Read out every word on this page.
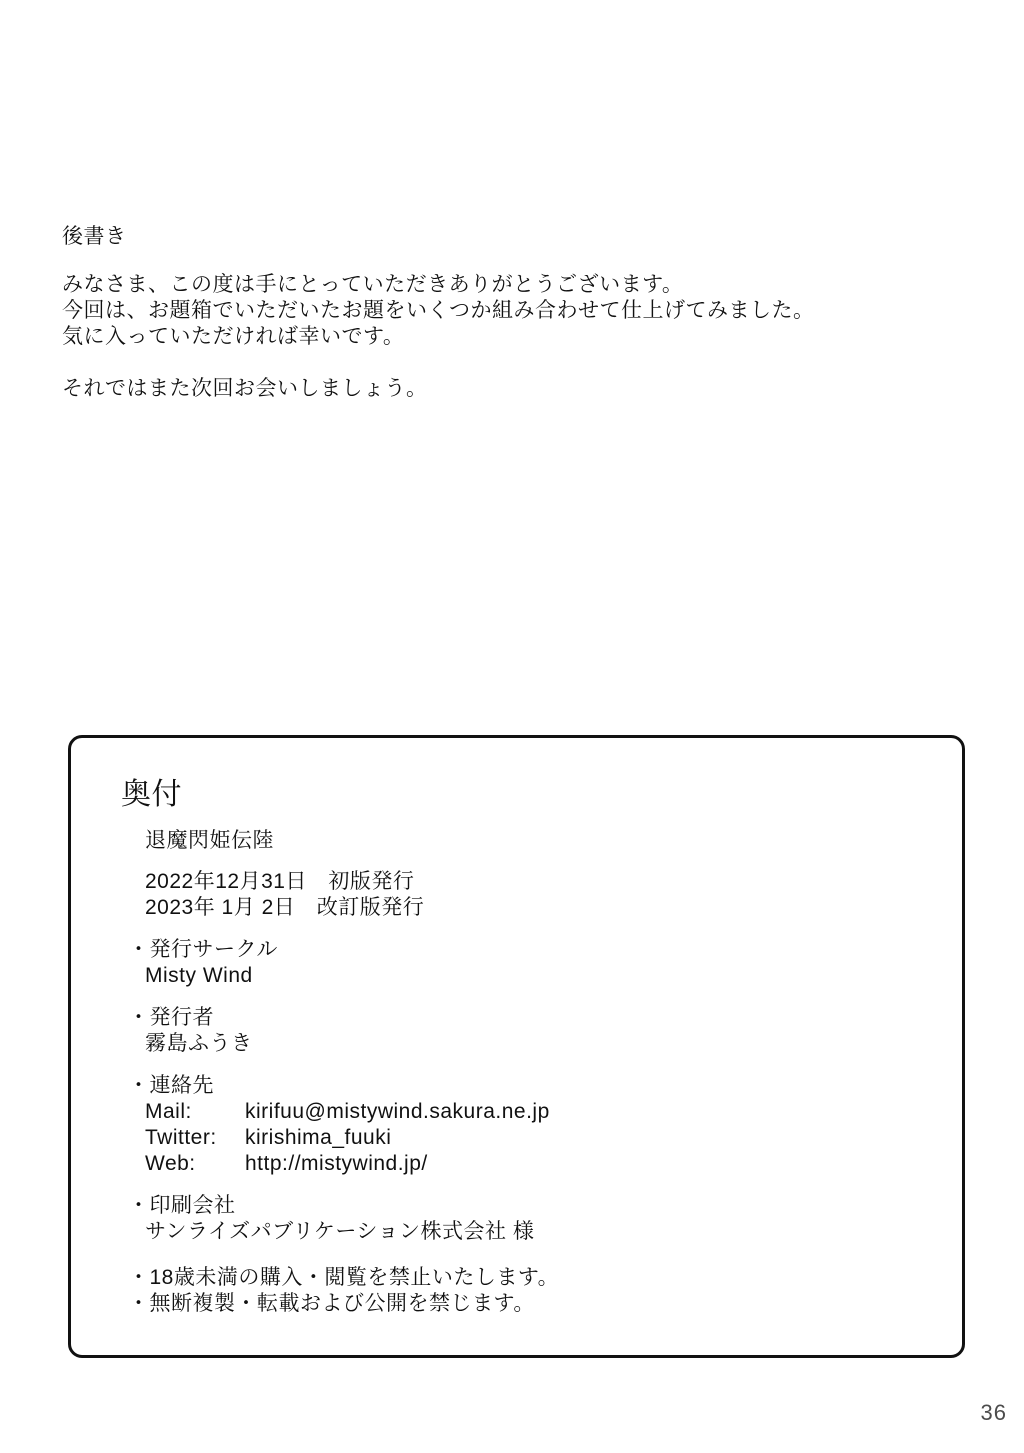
後書き
みなさま、この度は手にとっていただきありがとうございます。
今回は、お題箱でいただいたお題をいくつか組み合わせて仕上げてみました。
気に入っていただければ幸いです。
それではまた次回お会いしましょう。
奥付
退魔閃姫伝陸
2022年12月31日　初版発行
2023年 1月 2日　改訂版発行
・発行サークル
Misty Wind
・発行者
霧島ふうき
・連絡先
Mail:	kirifuu@mistywind.sakura.ne.jp
Twitter:	kirishima_fuuki
Web:	http://mistywind.jp/
・印刷会社
サンライズパブリケーション株式会社 様
・18歳未満の購入・閲覧を禁止いたします。
・無断複製・転載および公開を禁じます。
36
